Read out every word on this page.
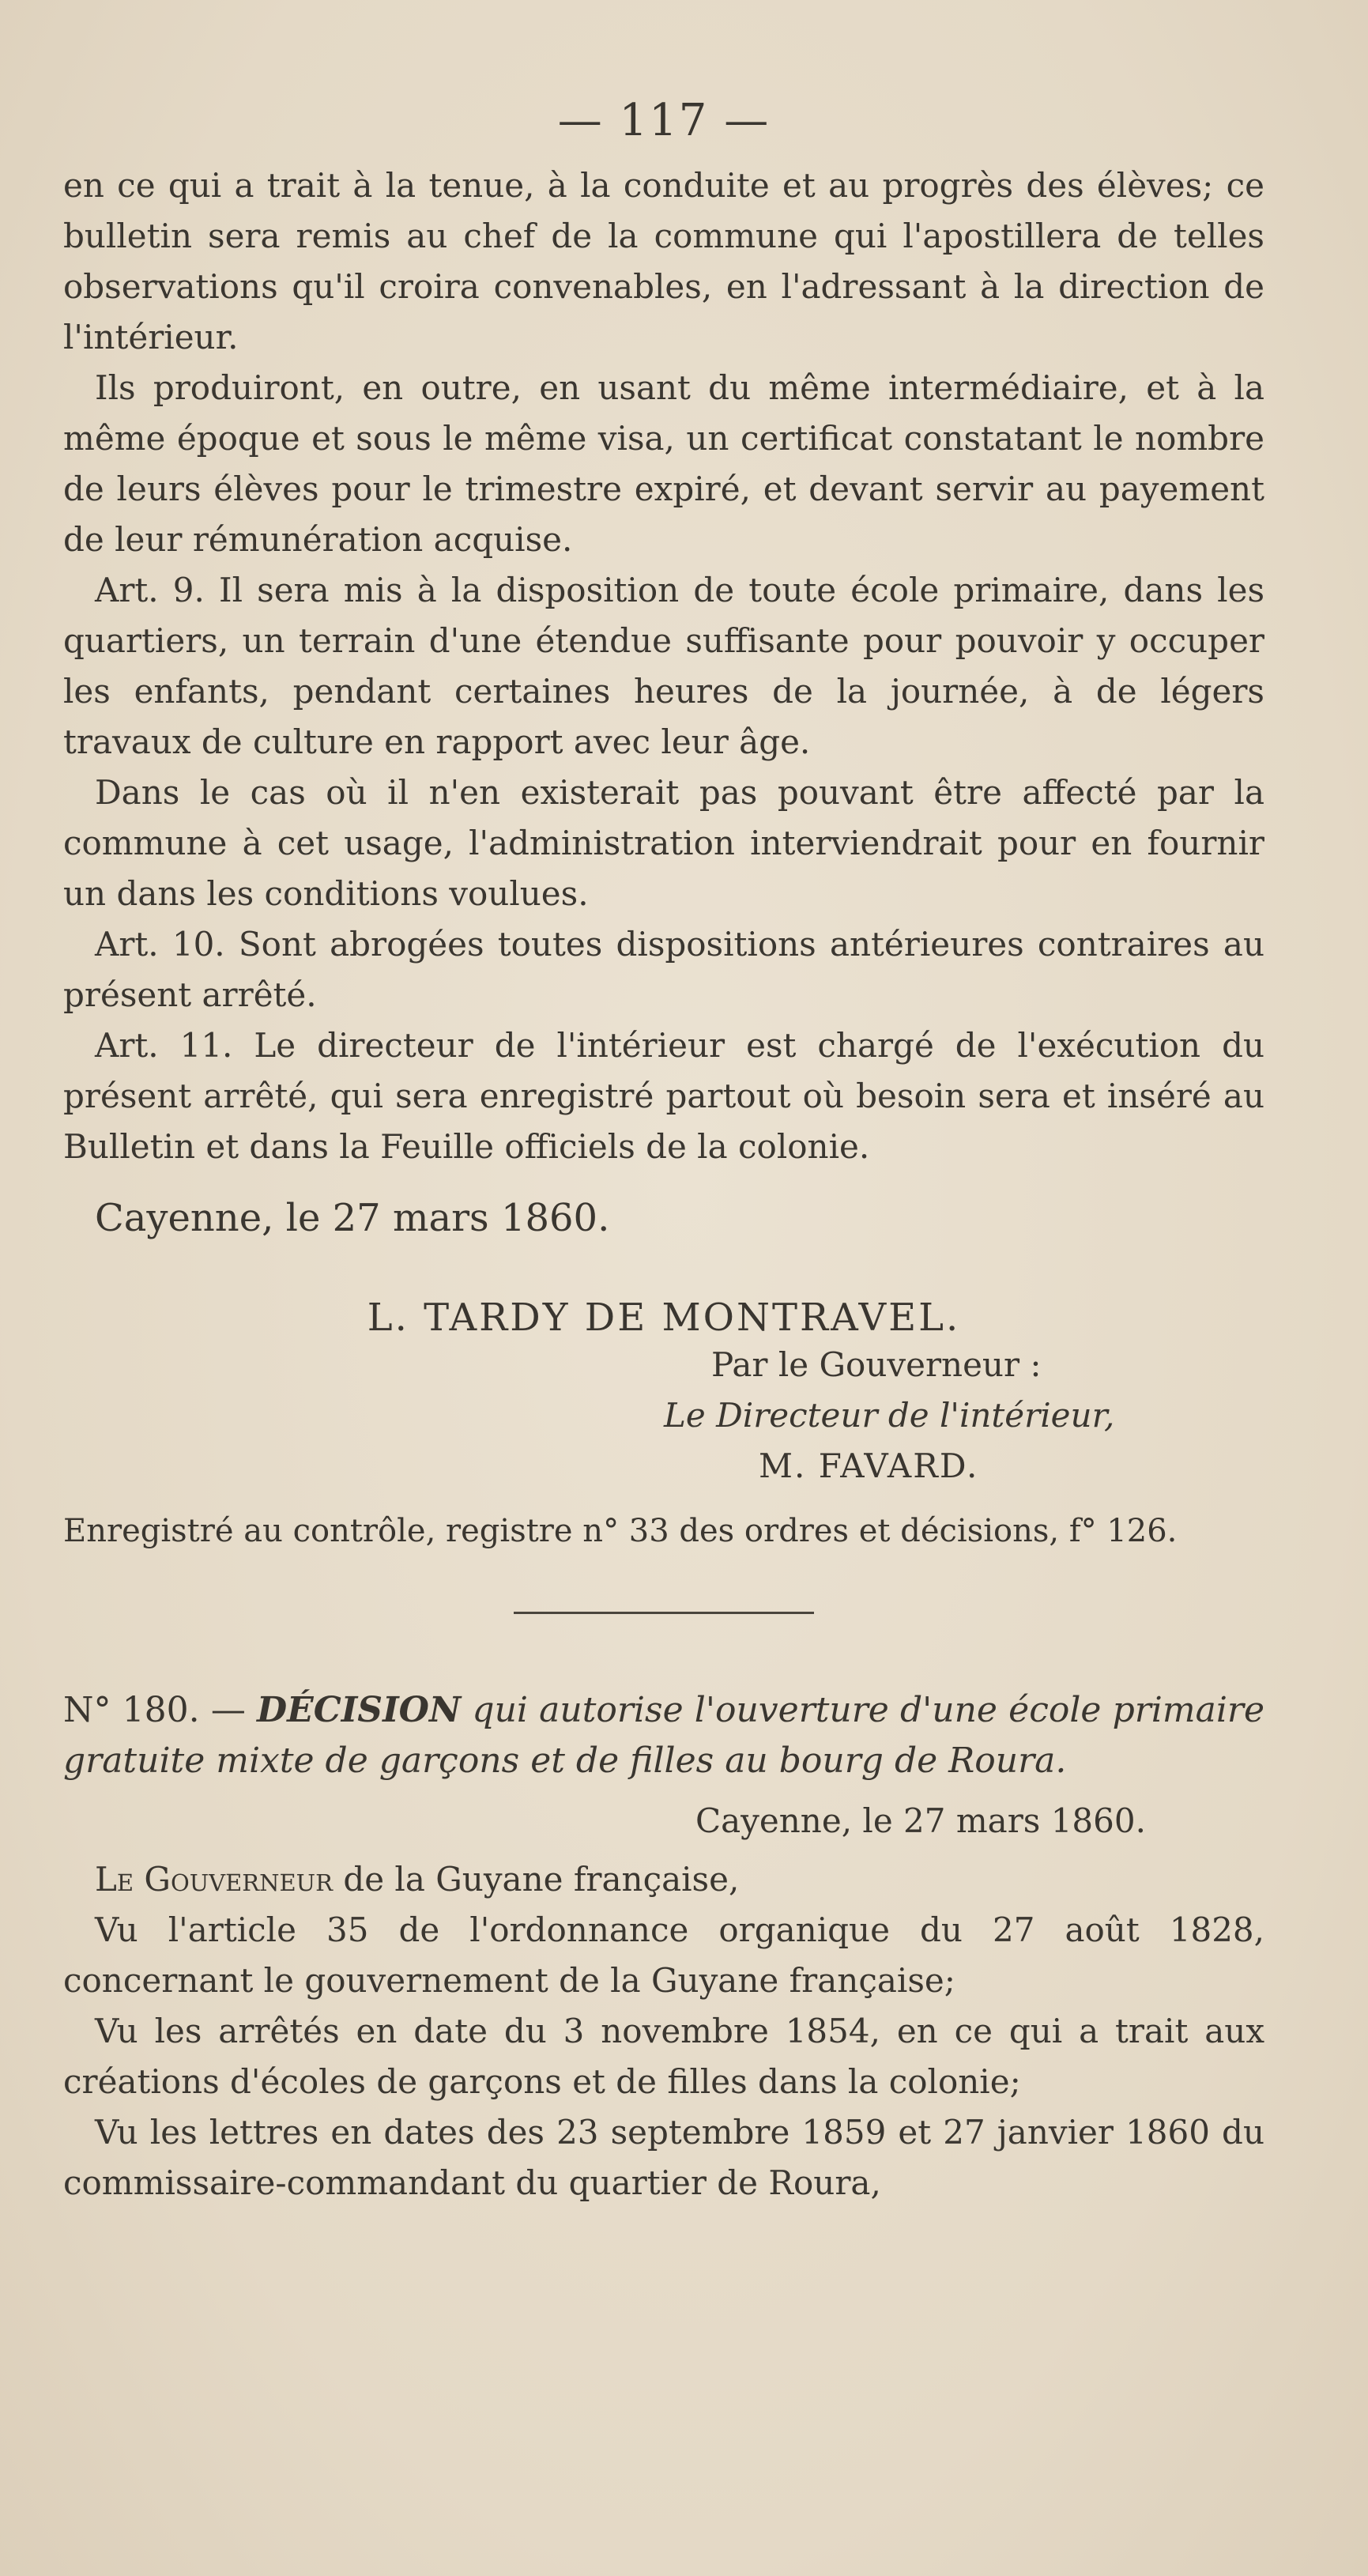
— 117 —

en ce qui a trait à la tenue, à la conduite et au progrès des élèves; ce bulletin sera remis au chef de la commune qui l'apostillera de telles observations qu'il croira convenables, en l'adressant à la direction de l'intérieur.

Ils produiront, en outre, en usant du même intermédiaire, et à la même époque et sous le même visa, un certificat constatant le nombre de leurs élèves pour le trimestre expiré, et devant servir au payement de leur rémunération acquise.

Art. 9. Il sera mis à la disposition de toute école primaire, dans les quartiers, un terrain d'une étendue suffisante pour pouvoir y occuper les enfants, pendant certaines heures de la journée, à de légers travaux de culture en rapport avec leur âge.

Dans le cas où il n'en existerait pas pouvant être affecté par la commune à cet usage, l'administration interviendrait pour en fournir un dans les conditions voulues.

Art. 10. Sont abrogées toutes dispositions antérieures contraires au présent arrêté.

Art. 11. Le directeur de l'intérieur est chargé de l'exécution du présent arrêté, qui sera enregistré partout où besoin sera et inséré au Bulletin et dans la Feuille officiels de la colonie.

Cayenne, le 27 mars 1860.
L. TARDY DE MONTRAVEL.
Par le Gouverneur :
Le Directeur de l'intérieur,
M. FAVARD.
Enregistré au contrôle, registre n° 33 des ordres et décisions, f° 126.

N° 180. — DÉCISION qui autorise l'ouverture d'une école primaire gratuite mixte de garçons et de filles au bourg de Roura.

Cayenne, le 27 mars 1860.

Le Gouverneur de la Guyane française,

Vu l'article 35 de l'ordonnance organique du 27 août 1828, concernant le gouvernement de la Guyane française;

Vu les arrêtés en date du 3 novembre 1854, en ce qui a trait aux créations d'écoles de garçons et de filles dans la colonie;

Vu les lettres en dates des 23 septembre 1859 et 27 janvier 1860 du commissaire-commandant du quartier de Roura,
